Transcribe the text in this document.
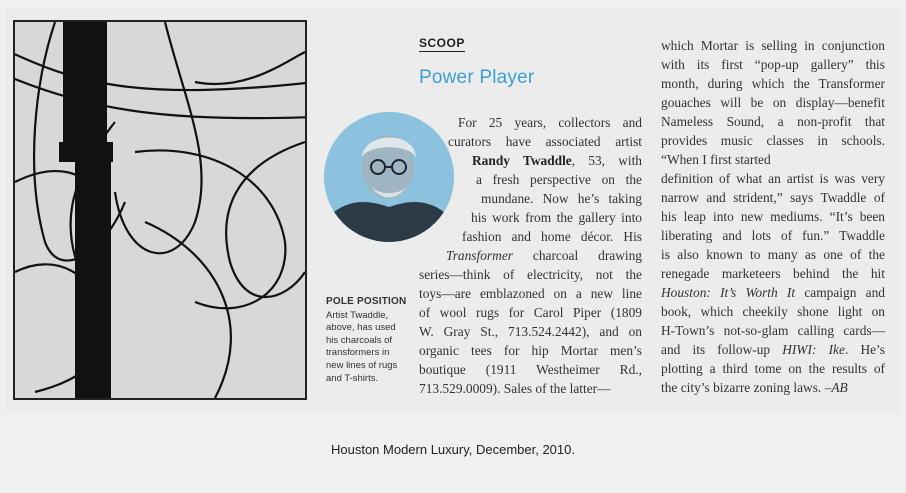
POLE POSITION
Artist Twaddle,
above, has used
his charcoals of
transformers in
new lines of rugs
and T-shirts.
SCOOP
Power Player
For 25 years, collectors and
curators have associated artist
Randy Twaddle, 53, with
a fresh perspective on the
mundane. Now he’s taking
his work from the gallery into
fashion and home décor. His
Transformer charcoal drawing
series—think of electricity, not the
toys—are emblazoned on a new line
of wool rugs for Carol Piper (1809
W. Gray St., 713.524.2442), and on
organic tees for hip Mortar men’s
boutique (1911 Westheimer Rd.,
713.529.0009). Sales of the latter—
which Mortar is selling in conjunction
with its first “pop-up gallery” this
month, during which the Transformer
gouaches will be on display—benefit
Nameless Sound, a non-profit that
provides music classes in schools.
“When I first started
definition of what an artist is was very
narrow and strident,” says Twaddle of
his leap into new mediums. “It’s been
liberating and lots of fun.” Twaddle
is also known to many as one of the
renegade marketeers behind the hit
Houston: It’s Worth It campaign and
book, which cheekily shone light on
H-Town’s not-so-glam calling cards—
and its follow-up HIWI: Ike. He’s
plotting a third tome on the results of
the city’s bizarre zoning laws. –AB
Houston Modern Luxury, December, 2010.
